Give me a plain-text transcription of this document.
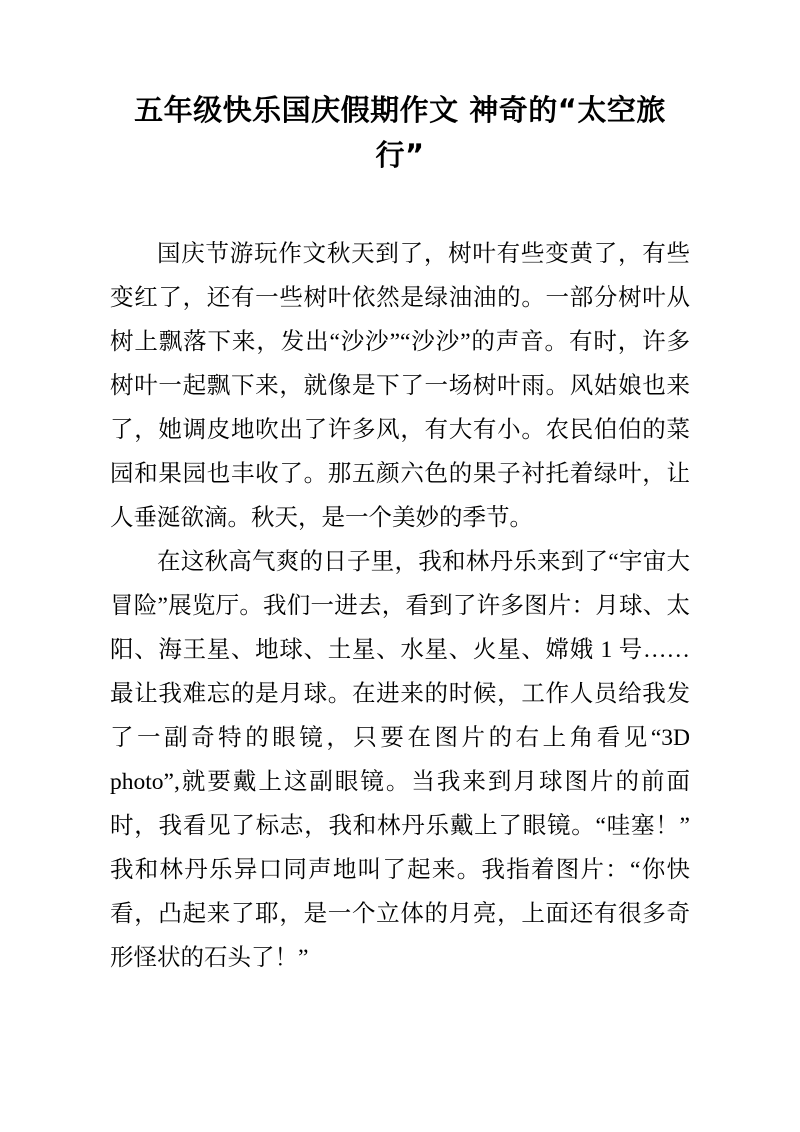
五年级快乐国庆假期作文 神奇的“太空旅行”

国庆节游玩作文秋天到了，树叶有些变黄了，有些变红了，还有一些树叶依然是绿油油的。一部分树叶从树上飘落下来，发出“沙沙”“沙沙”的声音。有时，许多树叶一起飘下来，就像是下了一场树叶雨。风姑娘也来了，她调皮地吹出了许多风，有大有小。农民伯伯的菜园和果园也丰收了。那五颜六色的果子衬托着绿叶，让人垂涎欲滴。秋天，是一个美妙的季节。

在这秋高气爽的日子里，我和林丹乐来到了“宇宙大冒险”展览厅。我们一进去，看到了许多图片：月球、太阳、海王星、地球、土星、水星、火星、嫦娥 1 号……最让我难忘的是月球。在进来的时候，工作人员给我发了一副奇特的眼镜，只要在图片的右上角看见“3D photo”,就要戴上这副眼镜。当我来到月球图片的前面时，我看见了标志，我和林丹乐戴上了眼镜。“哇塞！”我和林丹乐异口同声地叫了起来。我指着图片：“你快看，凸起来了耶，是一个立体的月亮，上面还有很多奇形怪状的石头了！”
